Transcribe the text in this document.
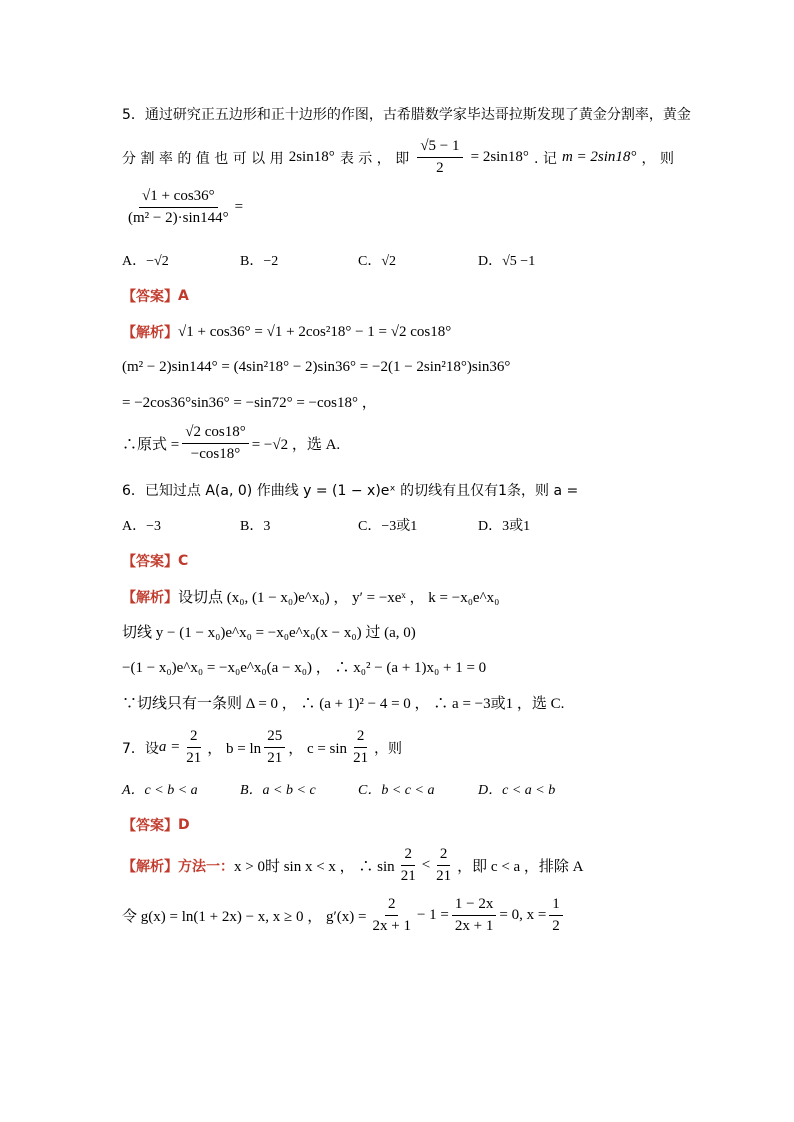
5．通过研究正五边形和正十边形的作图，古希腊数学家毕达哥拉斯发现了黄金分割率，黄金
分 割 率 的 值 也 可 以 用 2sin18° 表 示 ， 即 $\frac{√5 - 1}{2} = 2\sin 18^\circ$ . 记 m = 2sin18° ， 则
$\frac{√1 + \cos 36^\circ}{\text{(m² − 2)·sin144°}}$ =
A．−√2	B．−2	C．√2	D．√5 −1
【答案】 A
【解析】 √1 + cos36° = √1 + 2cos²18° − 1 = √2 cos18°
(m² − 2)sin144° = (4sin²18° − 2)sin36° = −2(1 − 2sin²18°)sin36°
= −2cos36°sin36° = −sin72° = −cos18° ，
∴原式 = $\frac{√2 \cos 18^\circ}{-\cos 18^\circ} = -√2$ ，选 A.
6．已知过点 A(a, 0) 作曲线 y = (1 − x)eˣ 的切线有且仅有1条，则 a =
A．−3	B．3	C．−3或1	D．3或1
【答案】 C
【解析】 设切点 (x₀, (1 − x₀)e^x₀) ， y′ = −xeˣ ， k = −x₀e^x₀
切线 y − (1 − x₀)e^x₀ = −x₀e^x₀(x − x₀) 过 (a, 0)
−(1 − x₀)e^x₀ = −x₀e^x₀(a − x₀) ， ∴ x₀² − (a + 1)x₀ + 1 = 0
∵切线只有一条则 Δ = 0 ， ∴ (a + 1)² − 4 = 0 ， ∴ a = −3或1 ，选 C.
7．设 $a = \frac{2}{21}$ ， $b = \ln \frac{25}{21}$ ， $c = \sin \frac{2}{21}$ ，则
A．c < b < a	B．a < b < c	C．b < c < a	D．c < a < b
【答案】 D
【解析】 方法一： x > 0时 sin x < x ， ∴ $\sin \frac{2}{21} < \frac{2}{21}$ ，即 c < a ，排除 A
令 g(x) = ln(1 + 2x) − x, x ≥ 0 ， $g'(x) = \frac{2}{2x + 1} - 1 = \frac{1 - 2x}{2x + 1} = 0$, $x = \frac{1}{2}$
